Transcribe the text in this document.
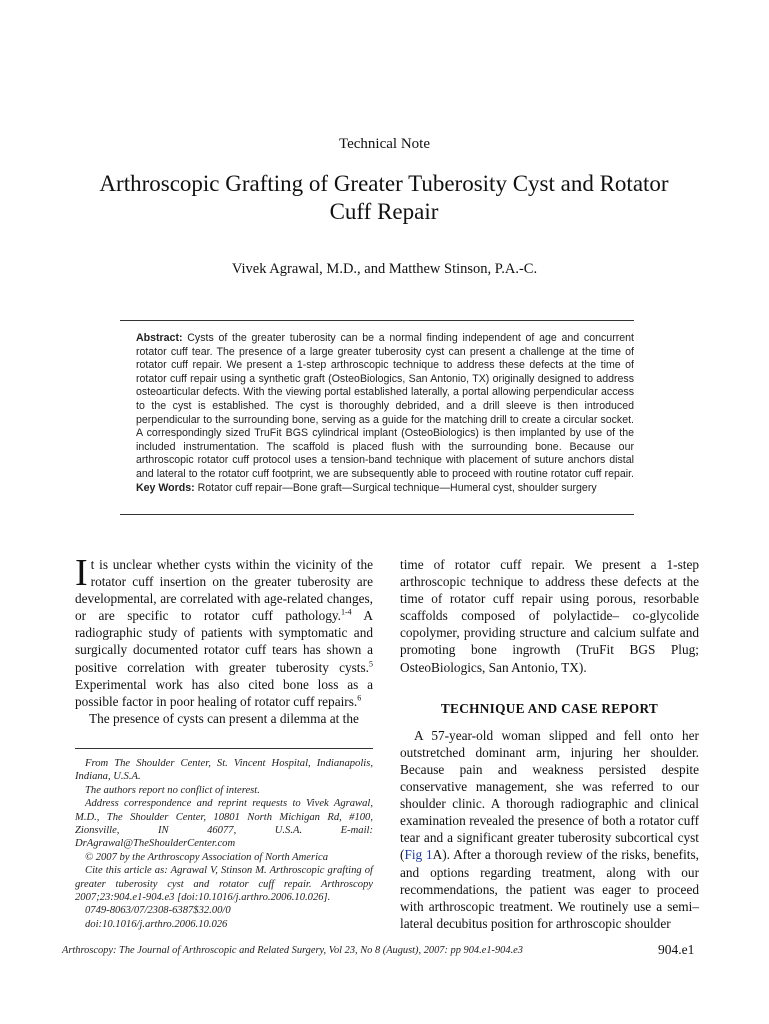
Technical Note
Arthroscopic Grafting of Greater Tuberosity Cyst and Rotator Cuff Repair
Vivek Agrawal, M.D., and Matthew Stinson, P.A.-C.
Abstract: Cysts of the greater tuberosity can be a normal finding independent of age and concurrent rotator cuff tear. The presence of a large greater tuberosity cyst can present a challenge at the time of rotator cuff repair. We present a 1-step arthroscopic technique to address these defects at the time of rotator cuff repair using a synthetic graft (OsteoBiologics, San Antonio, TX) originally designed to address osteoarticular defects. With the viewing portal established laterally, a portal allowing perpendicular access to the cyst is established. The cyst is thoroughly debrided, and a drill sleeve is then introduced perpendicular to the surrounding bone, serving as a guide for the matching drill to create a circular socket. A correspondingly sized TruFit BGS cylindrical implant (OsteoBiologics) is then implanted by use of the included instrumentation. The scaffold is placed flush with the surrounding bone. Because our arthroscopic rotator cuff protocol uses a tension-band technique with placement of suture anchors distal and lateral to the rotator cuff footprint, we are subsequently able to proceed with routine rotator cuff repair. Key Words: Rotator cuff repair—Bone graft—Surgical technique—Humeral cyst, shoulder surgery

It is unclear whether cysts within the vicinity of the rotator cuff insertion on the greater tuberosity are developmental, are correlated with age-related changes, or are specific to rotator cuff pathology.$^{1-4}$ A radiographic study of patients with symptomatic and surgically documented rotator cuff tears has shown a positive correlation with greater tuberosity cysts.$^5$ Experimental work has also cited bone loss as a possible factor in poor healing of rotator cuff repairs.$^6$

The presence of cysts can present a dilemma at the

From The Shoulder Center, St. Vincent Hospital, Indianapolis, Indiana, U.S.A.
The authors report no conflict of interest.
Address correspondence and reprint requests to Vivek Agrawal, M.D., The Shoulder Center, 10801 North Michigan Rd, #100, Zionsville, IN 46077, U.S.A. E-mail: DrAgrawal@TheShoulderCenter.com
© 2007 by the Arthroscopy Association of North America
Cite this article as: Agrawal V, Stinson M. Arthroscopic grafting of greater tuberosity cyst and rotator cuff repair. Arthroscopy 2007;23:904.e1-904.e3 [doi:10.1016/j.arthro.2006.10.026].
0749-8063/07/2308-6387$32.00/0
doi:10.1016/j.arthro.2006.10.026

time of rotator cuff repair. We present a 1-step arthroscopic technique to address these defects at the time of rotator cuff repair using porous, resorbable scaffolds composed of polylactide– co-glycolide copolymer, providing structure and calcium sulfate and promoting bone ingrowth (TruFit BGS Plug; OsteoBiologics, San Antonio, TX).

TECHNIQUE AND CASE REPORT

A 57-year-old woman slipped and fell onto her outstretched dominant arm, injuring her shoulder. Because pain and weakness persisted despite conservative management, she was referred to our shoulder clinic. A thorough radiographic and clinical examination revealed the presence of both a rotator cuff tear and a significant greater tuberosity subcortical cyst (Fig 1A). After a thorough review of the risks, benefits, and options regarding treatment, along with our recommendations, the patient was eager to proceed with arthroscopic treatment. We routinely use a semi–lateral decubitus position for arthroscopic shoulder

Arthroscopy: The Journal of Arthroscopic and Related Surgery, Vol 23, No 8 (August), 2007: pp 904.e1-904.e3	904.e1
